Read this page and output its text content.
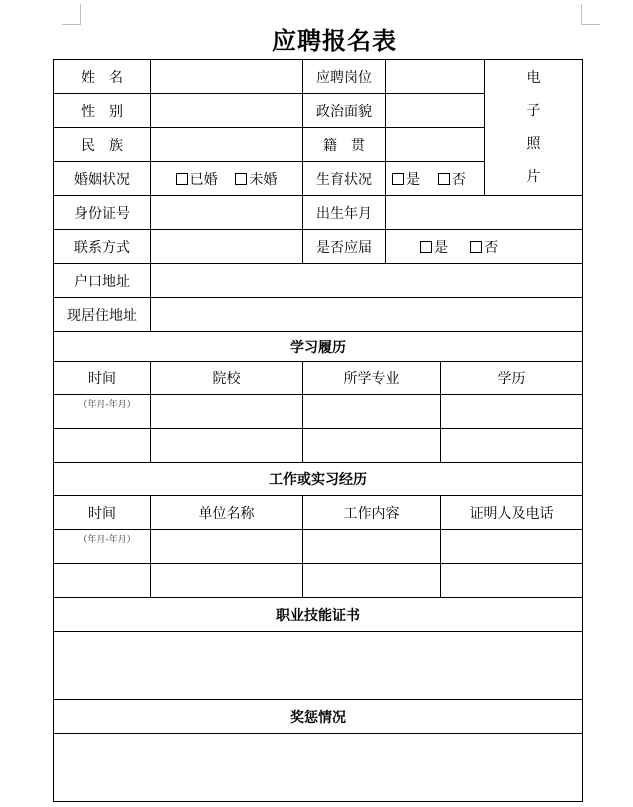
应聘报名表
姓　名		应聘岗位			电
子
照
片

性　别		政治面貌			
民　族		籍　贯			
婚姻状况	已婚 未婚	生育状况	是 否		
身份证号		出生年月			
联系方式		是否应届	是 否		
户口地址					
现居住地址					
学习履历					
时间	院校	所学专业		学历	
（年月-年月）					

工作或实习经历					
时间	单位名称	工作内容		证明人及电话	
（年月-年月）					

职业技能证书					

奖惩情况					
